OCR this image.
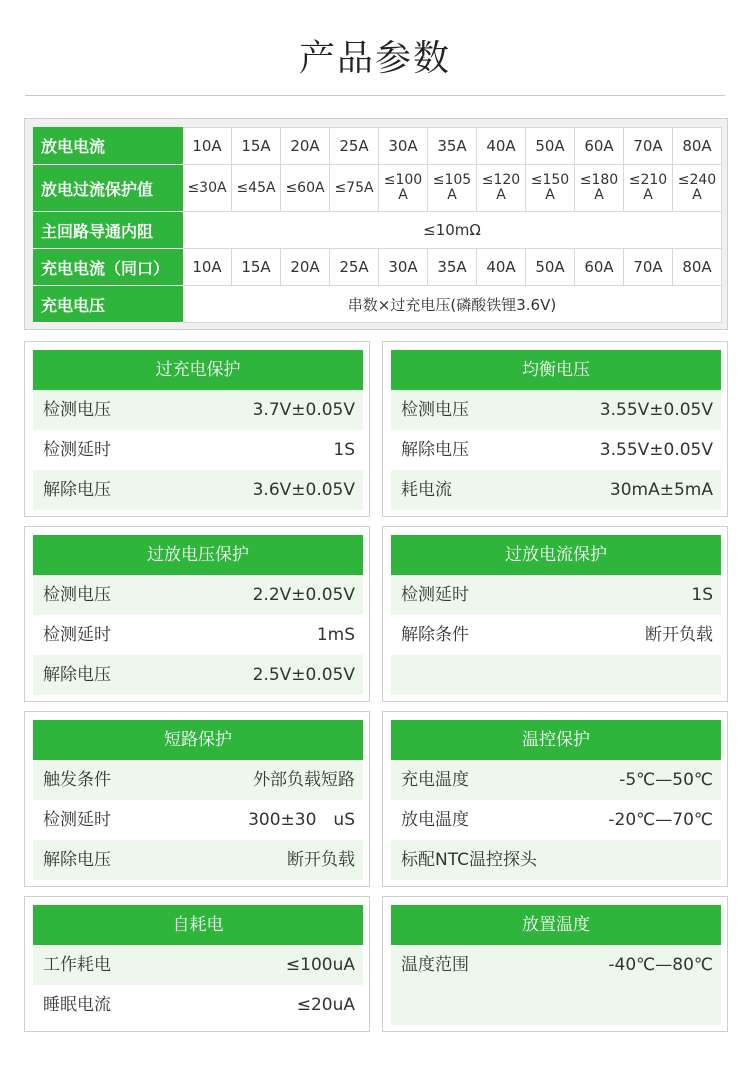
产品参数
放电电流	10A	15A	20A	25A	30A	35A	40A	50A	60A	70A	80A
放电过流保护值	≤30A	≤45A	≤60A	≤75A	≤100 A	≤105 A	≤120 A	≤150 A	≤180 A	≤210 A	≤240 A
主回路导通内阻	≤10mΩ										
充电电流（同口）	10A	15A	20A	25A	30A	35A	40A	50A	60A	70A	80A
充电电压	串数×过充电压(磷酸铁锂3.6V)										
过充电保护
检测电压	3.7V±0.05V
检测延时	1S
解除电压	3.6V±0.05V
均衡电压
检测电压	3.55V±0.05V
解除电压	3.55V±0.05V
耗电流	30mA±5mA
过放电压保护
检测电压	2.2V±0.05V
检测延时	1mS
解除电压	2.5V±0.05V
过放电流保护
检测延时	1S
解除条件	断开负载
短路保护
触发条件	外部负载短路
检测延时	300±30　uS
解除电压	断开负载
温控保护
充电温度	-5℃—50℃
放电温度	-20℃—70℃
标配NTC温控探头
自耗电
工作耗电	≤100uA
睡眠电流	≤20uA
放置温度
温度范围	-40℃—80℃
